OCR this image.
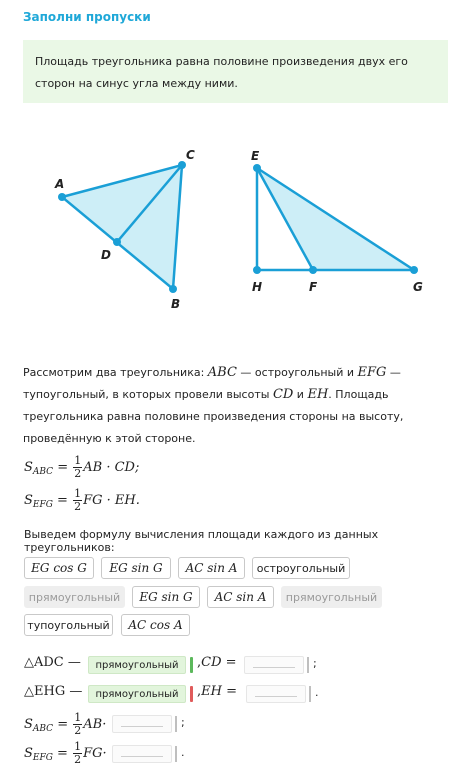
Заполни пропуски
Площадь треугольника равна половине произведения двух его сторон на синус угла между ними.
A
C
D
B
E
H	F	G
Рассмотрим два треугольника: ABC — остроугольный и EFG — тупоугольный, в которых провели высоты CD и EH. Площадь треугольника равна половине произведения стороны на высоту, проведённую к этой стороне.
$S_{ABC} = \frac{1}{2}$ AB · CD;
$S_{EFG} = \frac{1}{2}$ FG · EH.
Выведем формулу вычисления площади каждого из данных треугольников:
EG cos G	EG sin G	AC sin A	остроугольный
прямоугольный	EG sin G	AC sin A	прямоугольный
тупоугольный	AC cos A
△ADC —	прямоугольный	,CD =	;
△EHG —	прямоугольный	,EH =	.
$S_{ABC} = \frac{1}{2} AB\cdot$	;
$S_{EFG} = \frac{1}{2} FG\cdot$	.
